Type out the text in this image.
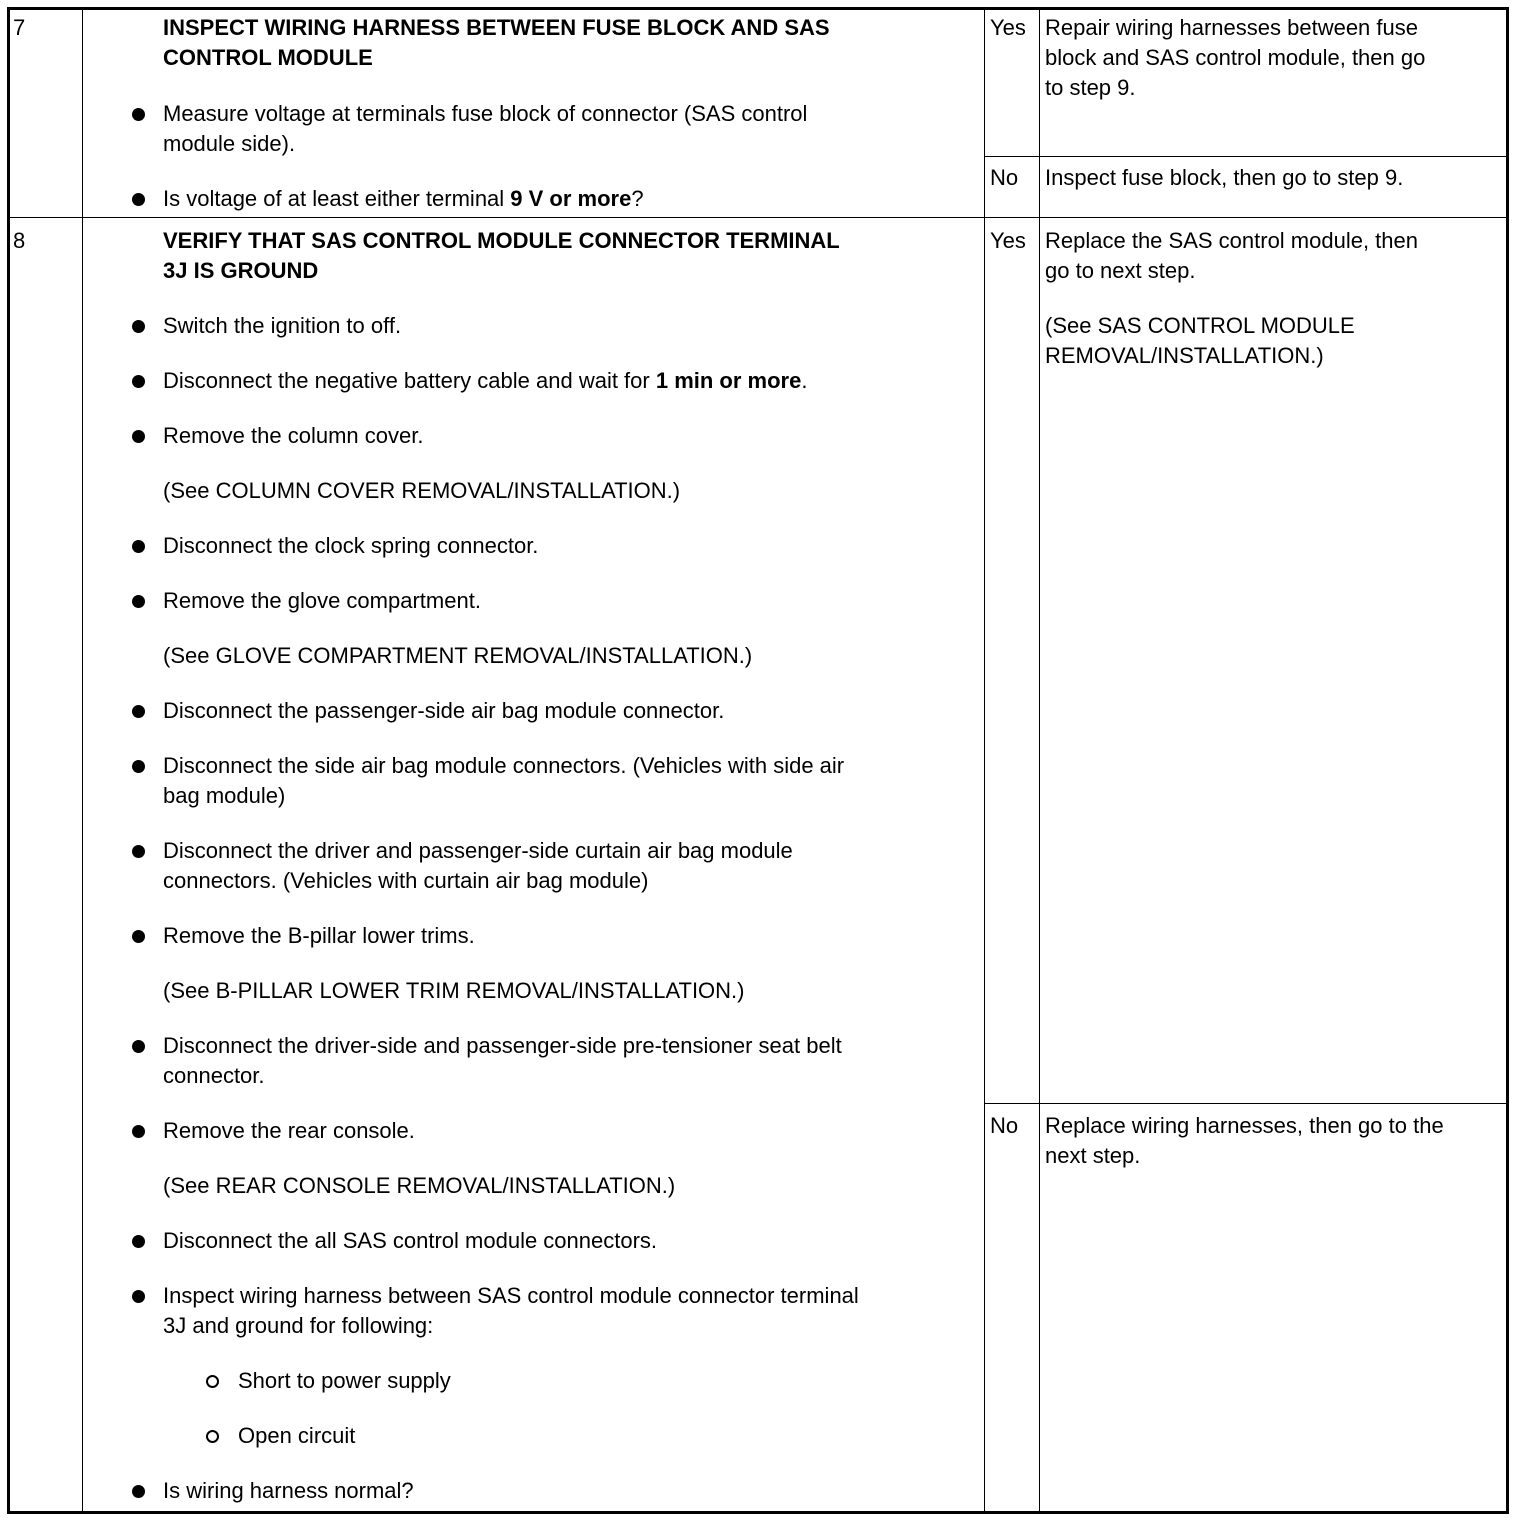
7	INSPECT WIRING HARNESS BETWEEN FUSE BLOCK AND SAS
CONTROL MODULE
Measure voltage at terminals fuse block of connector (SAS control
module side).
Is voltage of at least either terminal 9 V or more?
Yes Repair wiring harnesses between fuse
block and SAS control module, then go
to step 9.
No Inspect fuse block, then go to step 9.
8	VERIFY THAT SAS CONTROL MODULE CONNECTOR TERMINAL
3J IS GROUND
Switch the ignition to off.
Disconnect the negative battery cable and wait for 1 min or more.
Remove the column cover.
(See COLUMN COVER REMOVAL/INSTALLATION.)
Disconnect the clock spring connector.
Remove the glove compartment.
(See GLOVE COMPARTMENT REMOVAL/INSTALLATION.)
Disconnect the passenger-side air bag module connector.
Disconnect the side air bag module connectors. (Vehicles with side air
bag module)
Disconnect the driver and passenger-side curtain air bag module
connectors. (Vehicles with curtain air bag module)
Remove the B-pillar lower trims.
(See B-PILLAR LOWER TRIM REMOVAL/INSTALLATION.)
Disconnect the driver-side and passenger-side pre-tensioner seat belt
connector.
Remove the rear console.
(See REAR CONSOLE REMOVAL/INSTALLATION.)
Disconnect the all SAS control module connectors.
Inspect wiring harness between SAS control module connector terminal
3J and ground for following:
Short to power supply
Open circuit
Is wiring harness normal?
Yes Replace the SAS control module, then
go to next step.
(See SAS CONTROL MODULE
REMOVAL/INSTALLATION.)
No Replace wiring harnesses, then go to the
next step.
